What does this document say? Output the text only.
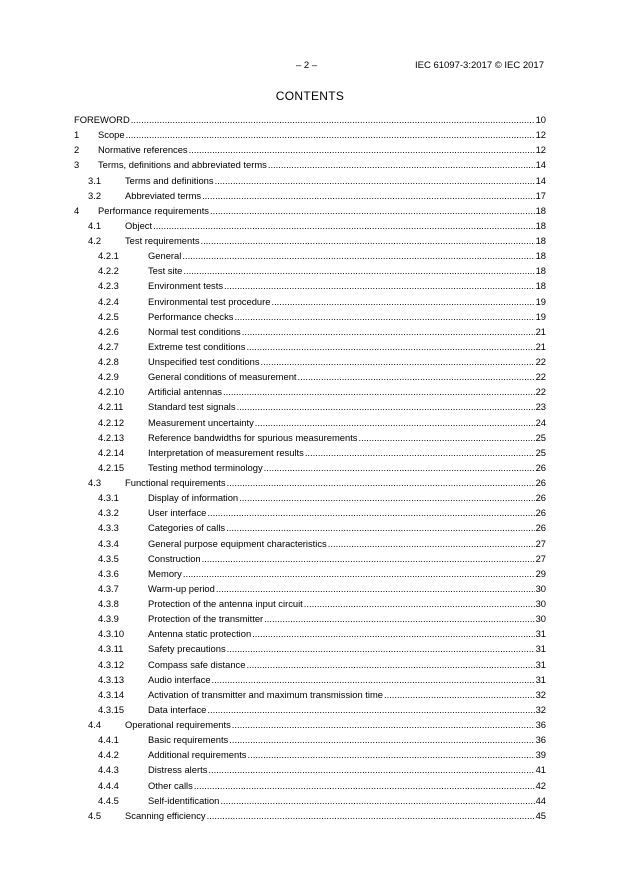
– 2 –	IEC 61097-3:2017 © IEC 2017
CONTENTS
FOREWORD .....	10
1 Scope .....	12
2 Normative references .....	12
3 Terms, definitions and abbreviated terms .....	14
3.1	Terms and definitions .....	14
3.2	Abbreviated terms .....	17
4 Performance requirements .....	18
4.1	Object .....	18
4.2	Test requirements .....	18
4.2.1	General .....	18
4.2.2	Test site .....	18
4.2.3	Environment tests .....	18
4.2.4	Environmental test procedure .....	19
4.2.5	Performance checks .....	19
4.2.6	Normal test conditions .....	21
4.2.7	Extreme test conditions .....	21
4.2.8	Unspecified test conditions .....	22
4.2.9	General conditions of measurement .....	22
4.2.10	Artificial antennas .....	22
4.2.11	Standard test signals .....	23
4.2.12	Measurement uncertainty .....	24
4.2.13	Reference bandwidths for spurious measurements .....	25
4.2.14	Interpretation of measurement results .....	25
4.2.15	Testing method terminology .....	26
4.3	Functional requirements .....	26
4.3.1	Display of information .....	26
4.3.2	User interface .....	26
4.3.3	Categories of calls .....	26
4.3.4	General purpose equipment characteristics .....	27
4.3.5	Construction .....	27
4.3.6	Memory .....	29
4.3.7	Warm-up period .....	30
4.3.8	Protection of the antenna input circuit .....	30
4.3.9	Protection of the transmitter .....	30
4.3.10	Antenna static protection .....	31
4.3.11	Safety precautions .....	31
4.3.12	Compass safe distance .....	31
4.3.13	Audio interface .....	31
4.3.14	Activation of transmitter and maximum transmission time .....	32
4.3.15	Data interface .....	32
4.4	Operational requirements .....	36
4.4.1	Basic requirements .....	36
4.4.2	Additional requirements .....	39
4.4.3	Distress alerts .....	41
4.4.4	Other calls .....	42
4.4.5	Self-identification .....	44
4.5	Scanning efficiency .....	45
